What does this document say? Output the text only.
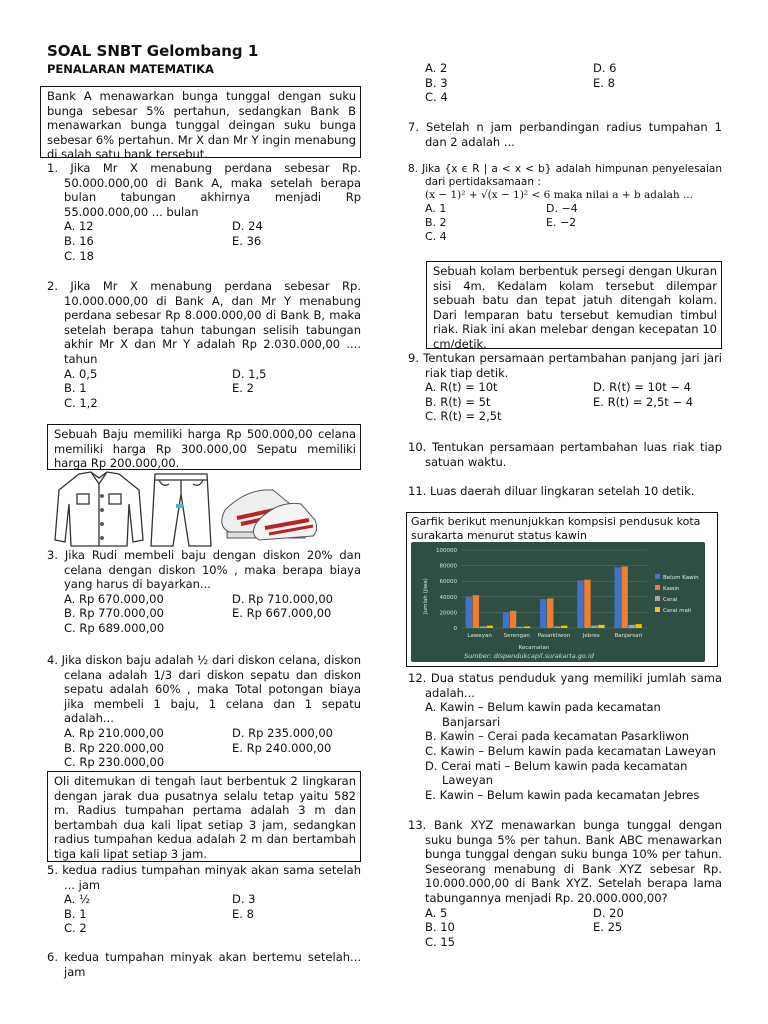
SOAL SNBT Gelombang 1
PENALARAN MATEMATIKA
Bank A menawarkan bunga tunggal dengan suku bunga sebesar 5% pertahun, sedangkan Bank B menawarkan bunga tunggal deingan suku bunga sebesar 6% pertahun. Mr X dan Mr Y ingin menabung di salah satu bank tersebut.
1. Jika Mr X menabung perdana sebesar Rp. 50.000.000,00 di Bank A, maka setelah berapa bulan tabungan akhirnya menjadi Rp 55.000.000,00 ... bulan
A. 12	D. 24
B. 16	E. 36
C. 18
2. Jika Mr X menabung perdana sebesar Rp. 10.000.000,00 di Bank A, dan Mr Y menabung perdana sebesar Rp 8.000.000,00 di Bank B, maka setelah berapa tahun tabungan selisih tabungan akhir Mr X dan Mr Y adalah Rp 2.030.000,00 .... tahun
A. 0,5	D. 1,5
B. 1	E. 2
C. 1,2
Sebuah Baju memiliki harga Rp 500.000,00 celana memiliki harga Rp 300.000,00 Sepatu memiliki harga Rp 200.000,00.
3. Jika Rudi membeli baju dengan diskon 20% dan celana dengan diskon 10% , maka berapa biaya yang harus di bayarkan...
A. Rp 670.000,00	D. Rp 710.000,00
B. Rp 770.000,00	E. Rp 667.000,00
C. Rp 689.000,00
4. Jika diskon baju adalah ½ dari diskon celana, diskon celana adalah 1/3 dari diskon sepatu dan diskon sepatu adalah 60% , maka Total potongan biaya jika membeli 1 baju, 1 celana dan 1 sepatu adalah...
A. Rp 210.000,00	D. Rp 235.000,00
B. Rp 220.000,00	E. Rp 240.000,00
C. Rp 230.000,00
Oli ditemukan di tengah laut berbentuk 2 lingkaran dengan jarak dua pusatnya selalu tetap yaitu 582 m. Radius tumpahan pertama adalah 3 m dan bertambah dua kali lipat setiap 3 jam, sedangkan radius tumpahan kedua adalah 2 m dan bertambah tiga kali lipat setiap 3 jam.
5. kedua radius tumpahan minyak akan sama setelah ... jam
A. ½	D. 3
B. 1	E. 8
C. 2
6. kedua tumpahan minyak akan bertemu setelah... jam
A. 2	D. 6
B. 3	E. 8
C. 4
7. Setelah n jam perbandingan radius tumpahan 1 dan 2 adalah ...
8. Jika {x ϵ R | a < x < b} adalah himpunan penyelesaian dari pertidaksamaan :
(x − 1)² + √(x − 1)² < 6 maka nilai a + b adalah ...
A. 1	D. −4
B. 2	E. −2
C. 4
Sebuah kolam berbentuk persegi dengan Ukuran sisi 4m. Kedalam kolam tersebut dilempar sebuah batu dan tepat jatuh ditengah kolam. Dari lemparan batu tersebut kemudian timbul riak. Riak ini akan melebar dengan kecepatan 10 cm/detik.
9. Tentukan persamaan pertambahan panjang jari jari riak tiap detik.
A. R(t) = 10t	D. R(t) = 10t − 4
B. R(t) = 5t	E. R(t) = 2,5t − 4
C. R(t) = 2,5t
10. Tentukan persamaan pertambahan luas riak tiap satuan waktu.
11. Luas daerah diluar lingkaran setelah 10 detik.
Garfik berikut menunjukkan kompsisi pendusuk kota surakarta menurut status kawin
Laweyan Serengan Pasarkliwon Jebres	Banjarsari
100000
80000
60000
40000
20000
0
Belum Kawin
Kawin
Cerai
Cerai mati
Jumlah (jiwa)
Kecamatan
Sumber: dispendukcapil.surakarta.go.id
12. Dua status penduduk yang memiliki jumlah sama adalah...
A. Kawin – Belum kawin pada kecamatan Banjarsari
B. Kawin – Cerai pada kecamatan Pasarkliwon
C. Kawin – Belum kawin pada kecamatan Laweyan
D. Cerai mati – Belum kawin pada kecamatan Laweyan
E. Kawin – Belum kawin pada kecamatan Jebres
13. Bank XYZ menawarkan bunga tunggal dengan suku bunga 5% per tahun. Bank ABC menawarkan bunga tunggal dengan suku bunga 10% per tahun. Seseorang menabung di Bank XYZ sebesar Rp. 10.000.000,00 di Bank XYZ. Setelah berapa lama tabungannya menjadi Rp. 20.000.000,00?
A. 5	D. 20
B. 10	E. 25
C. 15
